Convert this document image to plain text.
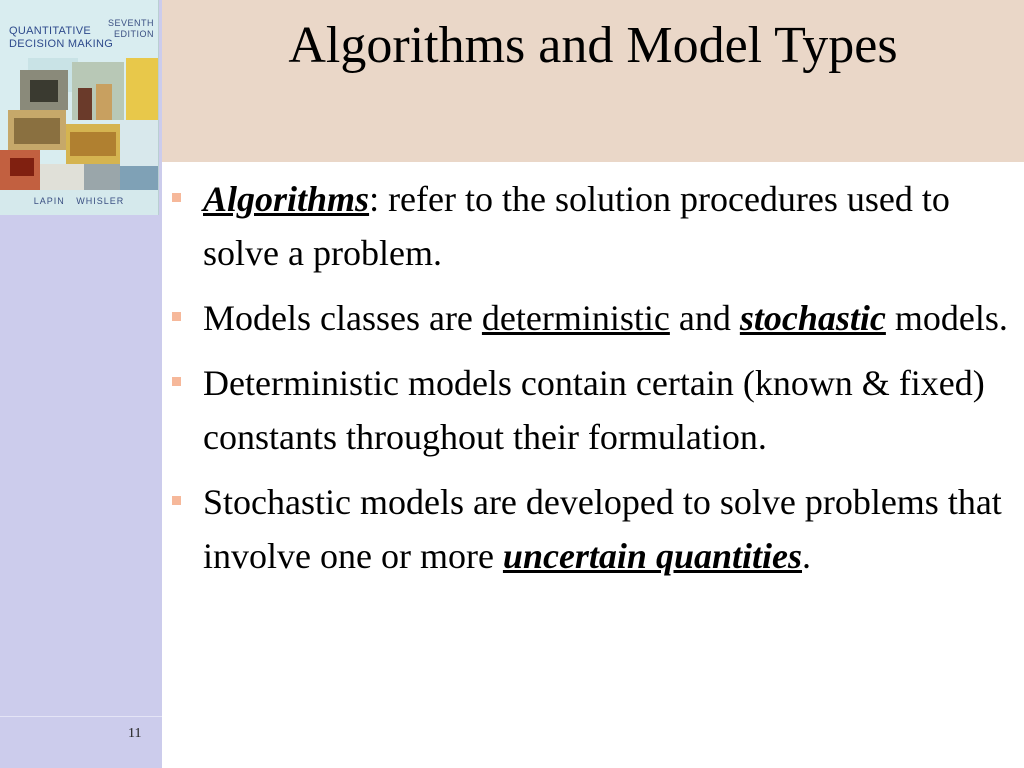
QUANTITATIVE
DECISION MAKING
SEVENTH
EDITION
LAPIN WHISLER
Algorithms and Model Types
Algorithms: refer to the solution procedures used to solve a problem.
Models classes are deterministic and stochastic models.
Deterministic models contain certain (known & fixed) constants throughout their formulation.
Stochastic models are developed to solve problems that involve one or more uncertain quantities.
11
